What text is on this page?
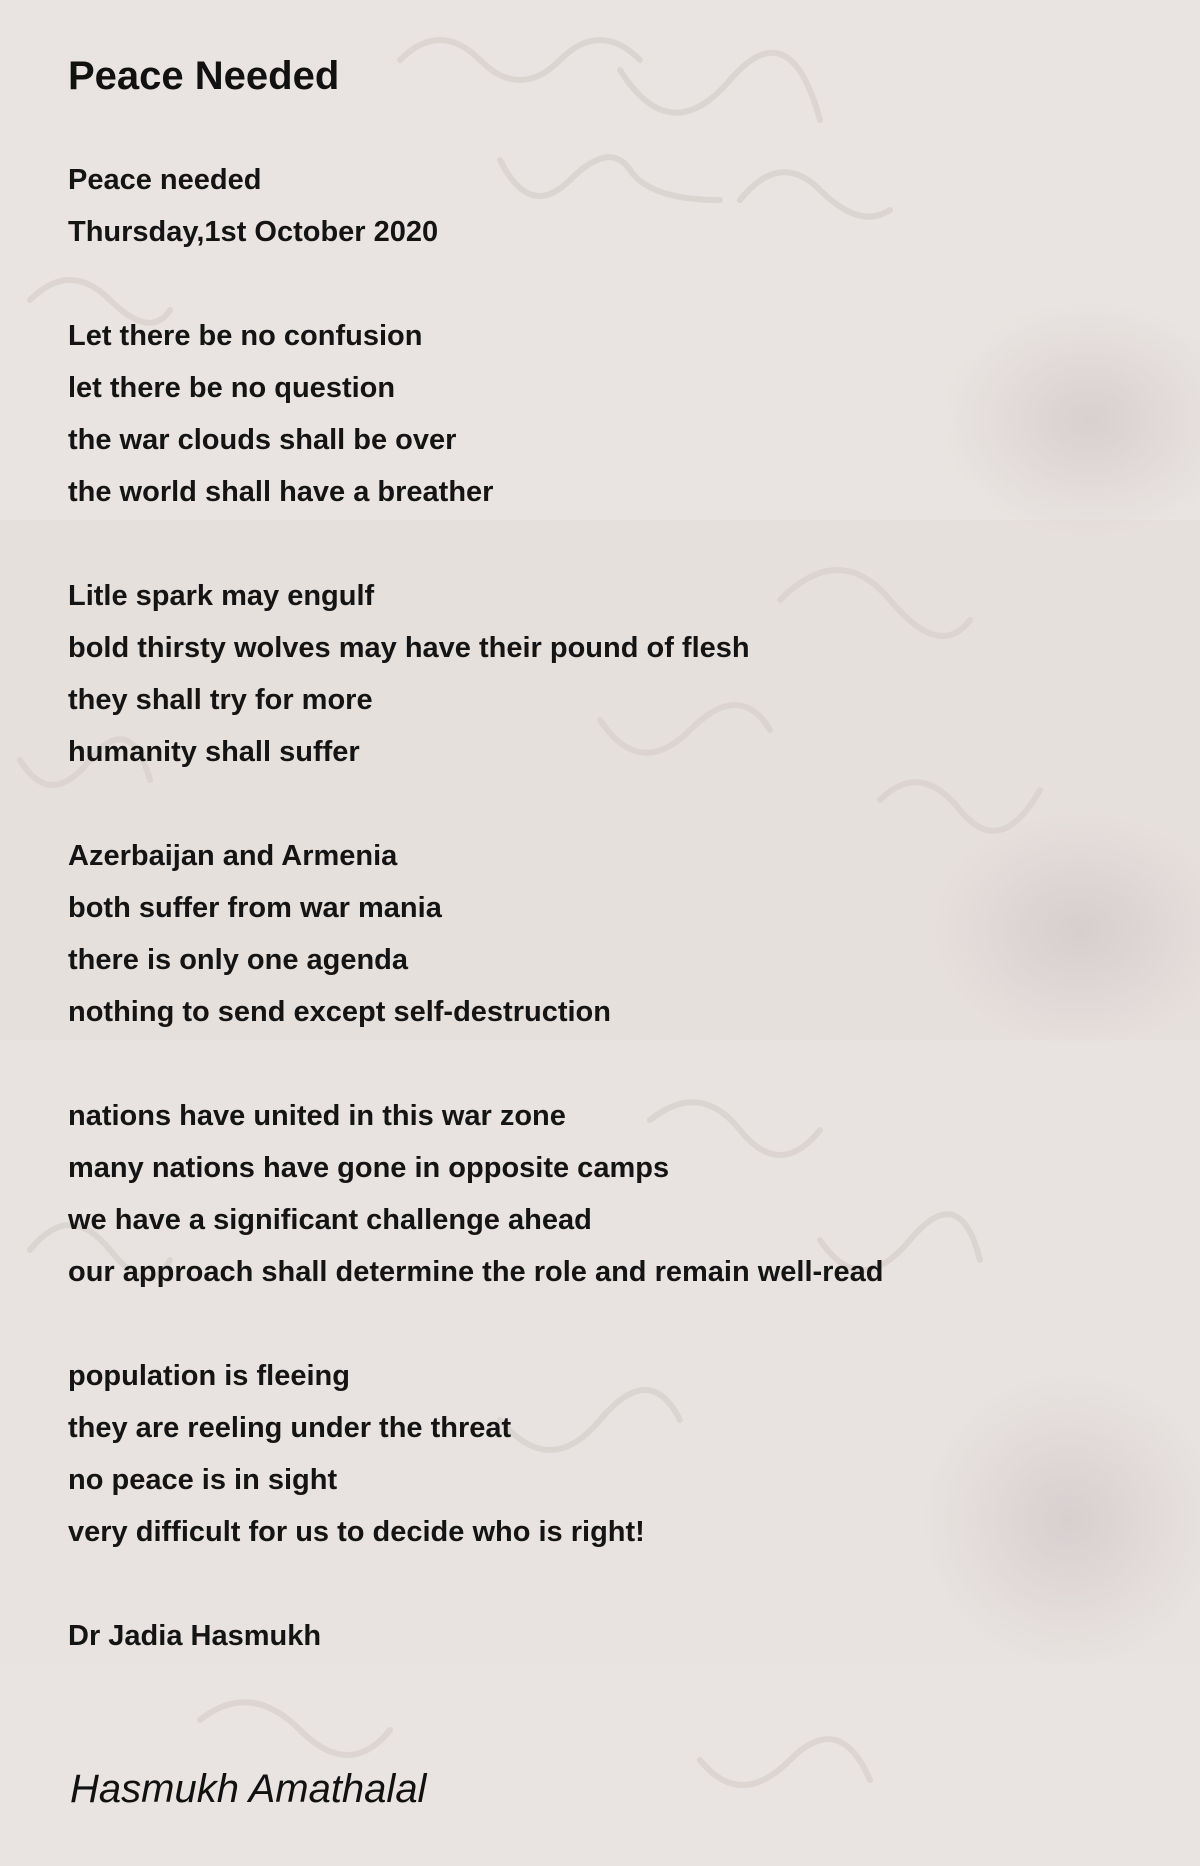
Peace Needed
Peace needed
Thursday,1st October 2020
Let there be no confusion
let there be no question
the war clouds shall be over
the world shall have a breather
Litle spark may engulf
bold thirsty wolves may have their pound of flesh
they shall try for more
humanity shall suffer
Azerbaijan and Armenia
both suffer from war mania
there is only one agenda
nothing to send except self-destruction
nations have united in this war zone
many nations have gone in opposite camps
we have a significant challenge ahead
our approach shall determine the role and remain well-read
population is fleeing
they are reeling under the threat
no peace is in sight
very difficult for us to decide who is right!
Dr Jadia Hasmukh
Hasmukh Amathalal
